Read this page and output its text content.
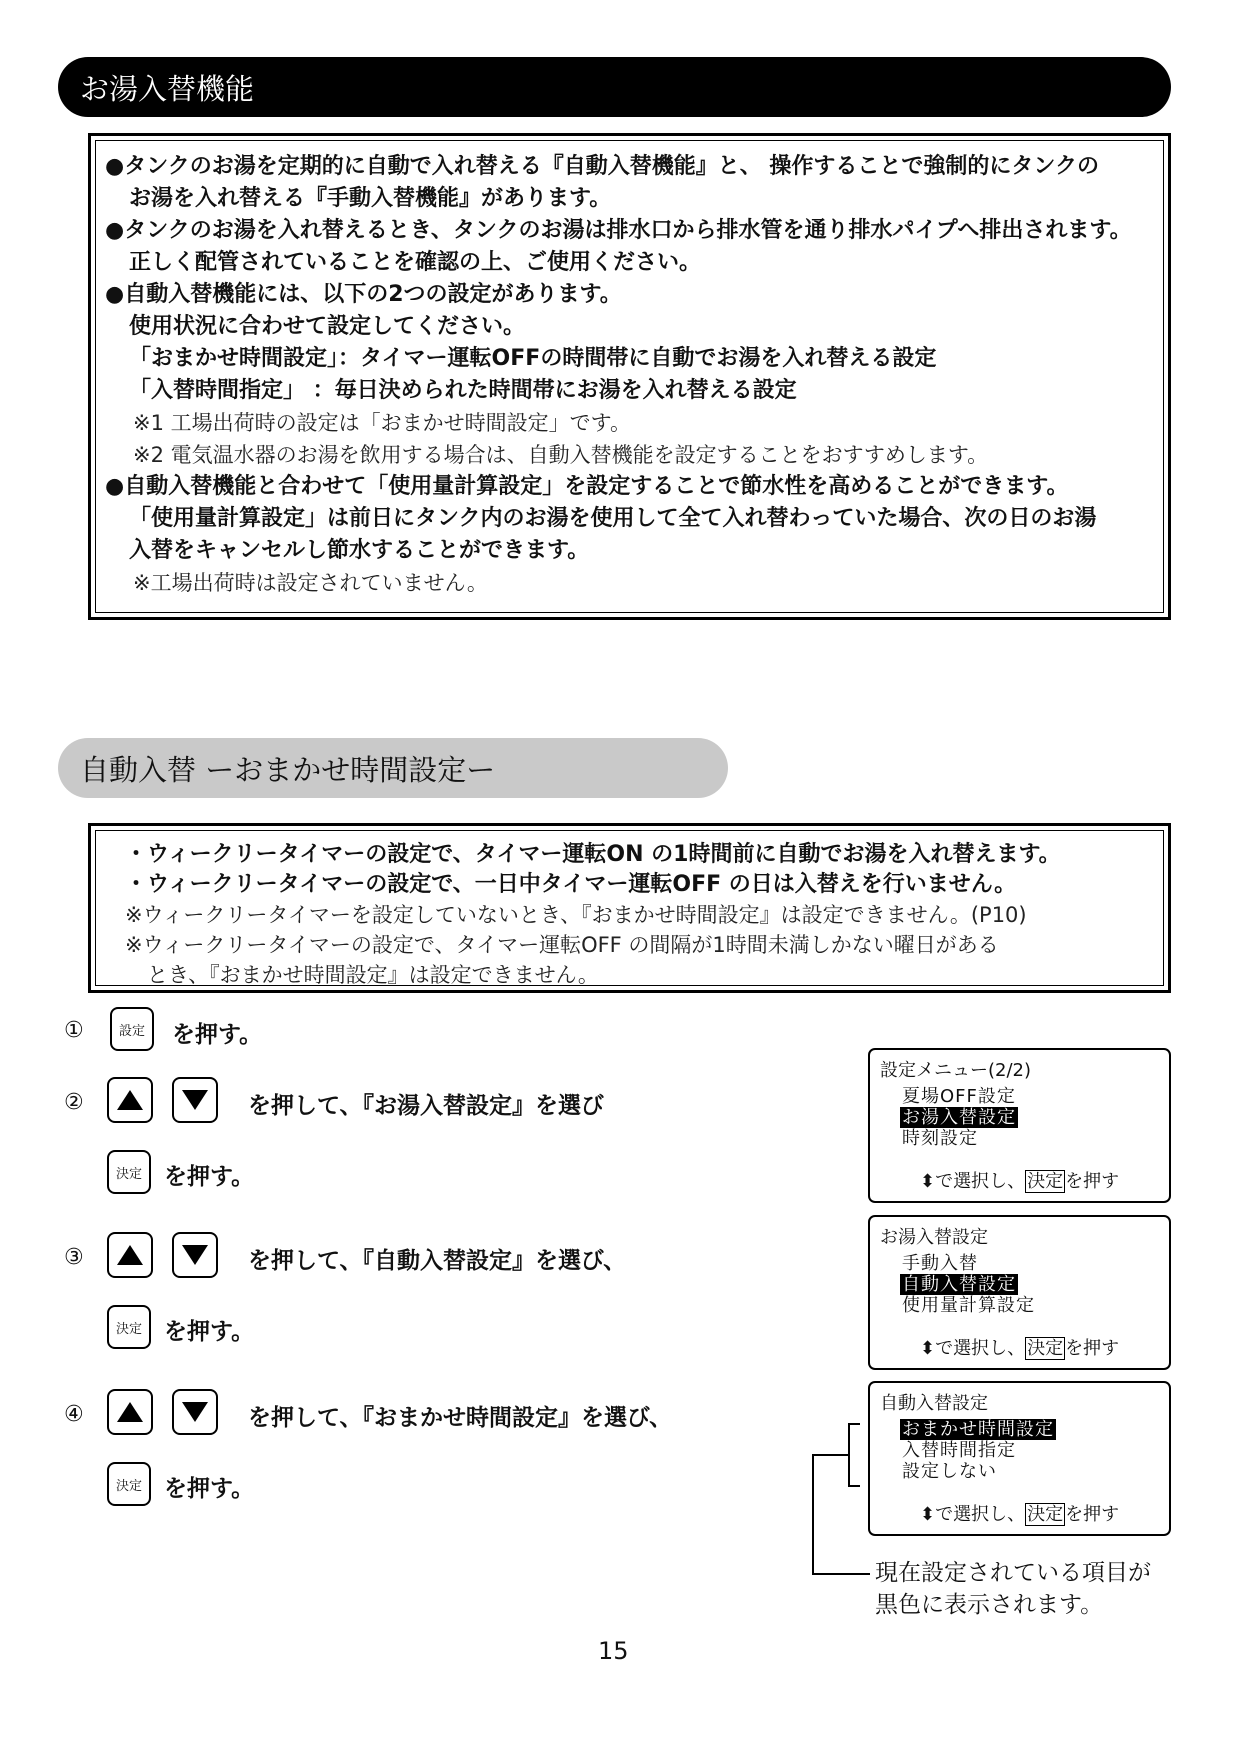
お湯入替機能
●タンクのお湯を定期的に自動で入れ替える『自動入替機能』と、 操作することで強制的にタンクの
お湯を入れ替える『手動入替機能』があります。
●タンクのお湯を入れ替えるとき、タンクのお湯は排水口から排水管を通り排水パイプへ排出されます。
正しく配管されていることを確認の上、ご使用ください。
●自動入替機能には、以下の2つの設定があります。
使用状況に合わせて設定してください。
「おまかせ時間設定」：タイマー運転OFFの時間帯に自動でお湯を入れ替える設定
「入替時間指定」 ：毎日決められた時間帯にお湯を入れ替える設定
※1 工場出荷時の設定は「おまかせ時間設定」です。
※2 電気温水器のお湯を飲用する場合は、自動入替機能を設定することをおすすめします。
●自動入替機能と合わせて「使用量計算設定」を設定することで節水性を高めることができます。
「使用量計算設定」は前日にタンク内のお湯を使用して全て入れ替わっていた場合、次の日のお湯
入替をキャンセルし節水することができます。
※工場出荷時は設定されていません。
自動入替 ーおまかせ時間設定ー
・ウィークリータイマーの設定で、タイマー運転ON の1時間前に自動でお湯を入れ替えます。
・ウィークリータイマーの設定で、一日中タイマー運転OFF の日は入替えを行いません。
※ウィークリータイマーを設定していないとき、『おまかせ時間設定』は設定できません。(P10)
※ウィークリータイマーの設定で、タイマー運転OFF の間隔が1時間未満しかない曜日がある
とき、『おまかせ時間設定』は設定できません。
①	設定	を押す。
②	を押して、『お湯入替設定』を選び
決定 を押す。
③	を押して、『自動入替設定』を選び、
決定 を押す。
④	を押して、『おまかせ時間設定』を選び、
決定 を押す。
設定メニュー(2/2)
夏場OFF設定
お湯入替設定
時刻設定
⬍で選択し、 決定 を押す
お湯入替設定
手動入替
自動入替設定
使用量計算設定
⬍で選択し、 決定 を押す
自動入替設定
おまかせ時間設定
入替時間指定
設定しない
⬍で選択し、 決定 を押す
現在設定されている項目が
黒色に表示されます。
15
